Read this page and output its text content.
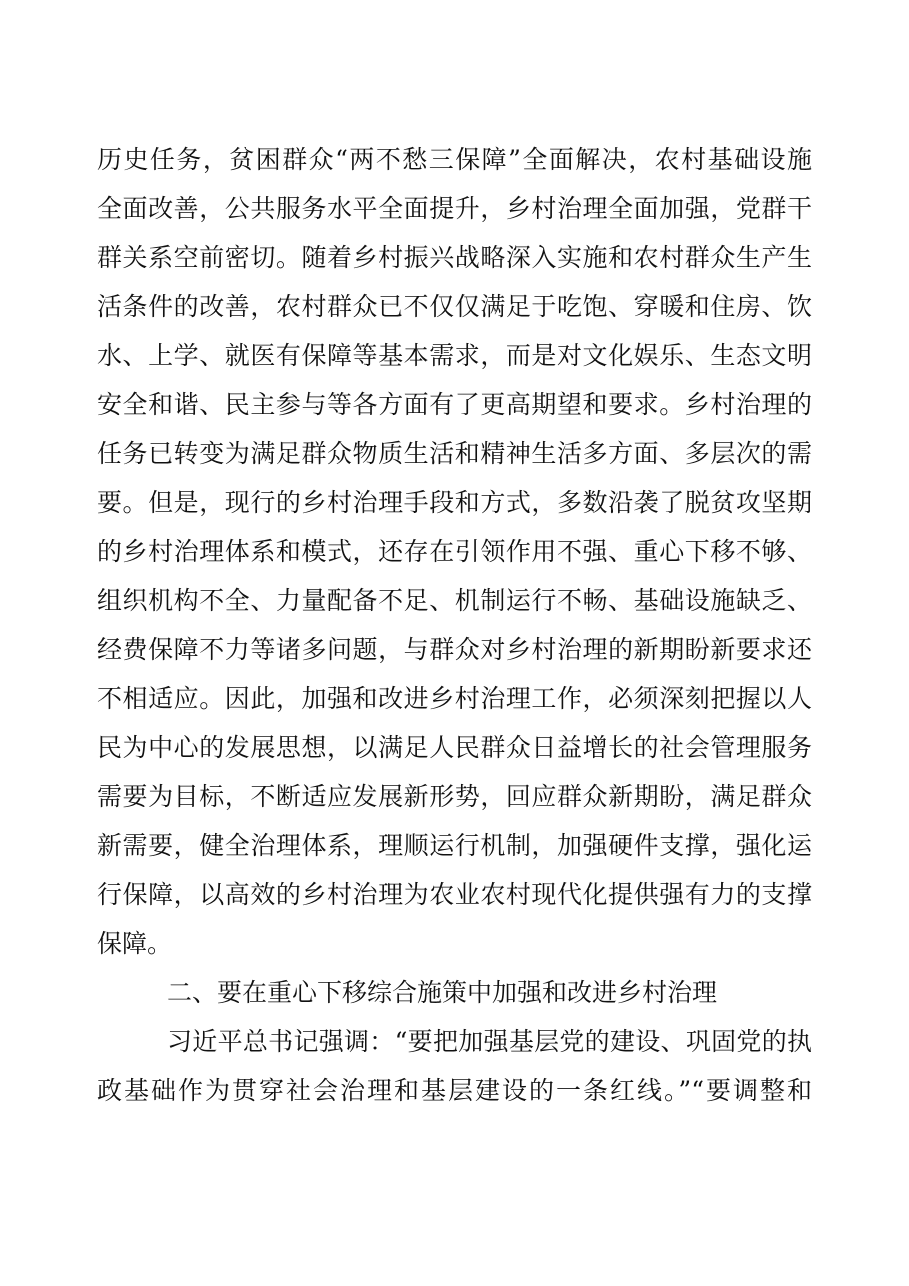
历史任务，贫困群众“两不愁三保障”全面解决，农村基础设施
全面改善，公共服务水平全面提升，乡村治理全面加强，党群干
群关系空前密切。随着乡村振兴战略深入实施和农村群众生产生
活条件的改善，农村群众已不仅仅满足于吃饱、穿暖和住房、饮
水、上学、就医有保障等基本需求，而是对文化娱乐、生态文明
安全和谐、民主参与等各方面有了更高期望和要求。乡村治理的
任务已转变为满足群众物质生活和精神生活多方面、多层次的需
要。但是，现行的乡村治理手段和方式，多数沿袭了脱贫攻坚期
的乡村治理体系和模式，还存在引领作用不强、重心下移不够、
组织机构不全、力量配备不足、机制运行不畅、基础设施缺乏、
经费保障不力等诸多问题，与群众对乡村治理的新期盼新要求还
不相适应。因此，加强和改进乡村治理工作，必须深刻把握以人
民为中心的发展思想，以满足人民群众日益增长的社会管理服务
需要为目标，不断适应发展新形势，回应群众新期盼，满足群众
新需要，健全治理体系，理顺运行机制，加强硬件支撑，强化运
行保障，以高效的乡村治理为农业农村现代化提供强有力的支撑
保障。
二、要在重心下移综合施策中加强和改进乡村治理
习近平总书记强调：“要把加强基层党的建设、巩固党的执
政基础作为贯穿社会治理和基层建设的一条红线。”“要调整和
